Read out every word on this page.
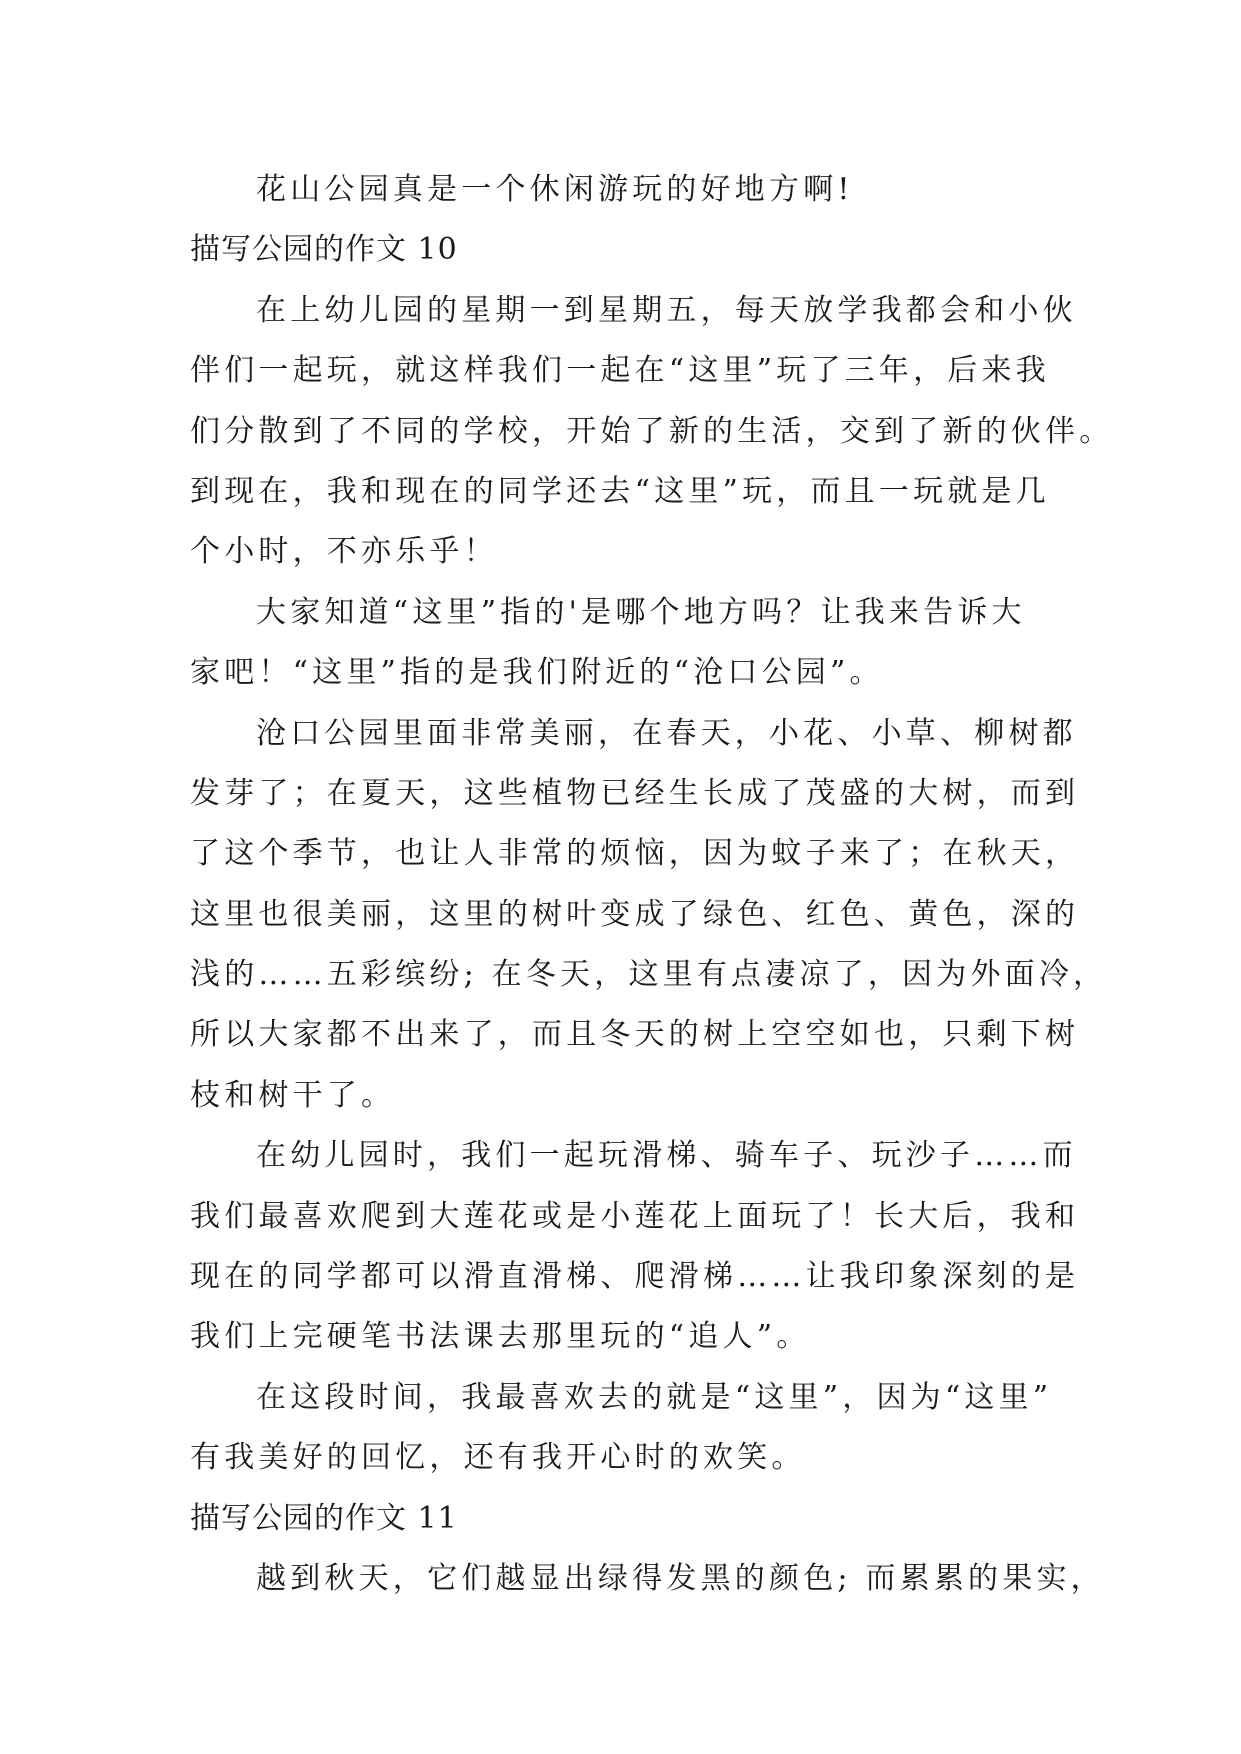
花山公园真是一个休闲游玩的好地方啊!
描写公园的作文 10
在上幼儿园的星期一到星期五，每天放学我都会和小伙
伴们一起玩，就这样我们一起在“这里”玩了三年，后来我
们分散到了不同的学校，开始了新的生活，交到了新的伙伴。
到现在，我和现在的同学还去“这里”玩，而且一玩就是几
个小时，不亦乐乎！
大家知道“这里”指的'是哪个地方吗？让我来告诉大
家吧！“这里”指的是我们附近的“沧口公园”。
沧口公园里面非常美丽，在春天，小花、小草、柳树都
发芽了；在夏天，这些植物已经生长成了茂盛的大树，而到
了这个季节，也让人非常的烦恼，因为蚊子来了；在秋天，
这里也很美丽，这里的树叶变成了绿色、红色、黄色，深的
浅的……五彩缤纷; 在冬天，这里有点凄凉了，因为外面冷，
所以大家都不出来了，而且冬天的树上空空如也，只剩下树
枝和树干了。
在幼儿园时，我们一起玩滑梯、骑车子、玩沙子……而
我们最喜欢爬到大莲花或是小莲花上面玩了！长大后，我和
现在的同学都可以滑直滑梯、爬滑梯……让我印象深刻的是
我们上完硬笔书法课去那里玩的“追人”。
在这段时间，我最喜欢去的就是“这里”，因为“这里”
有我美好的回忆，还有我开心时的欢笑。
描写公园的作文 11
越到秋天，它们越显出绿得发黑的颜色; 而累累的果实，
